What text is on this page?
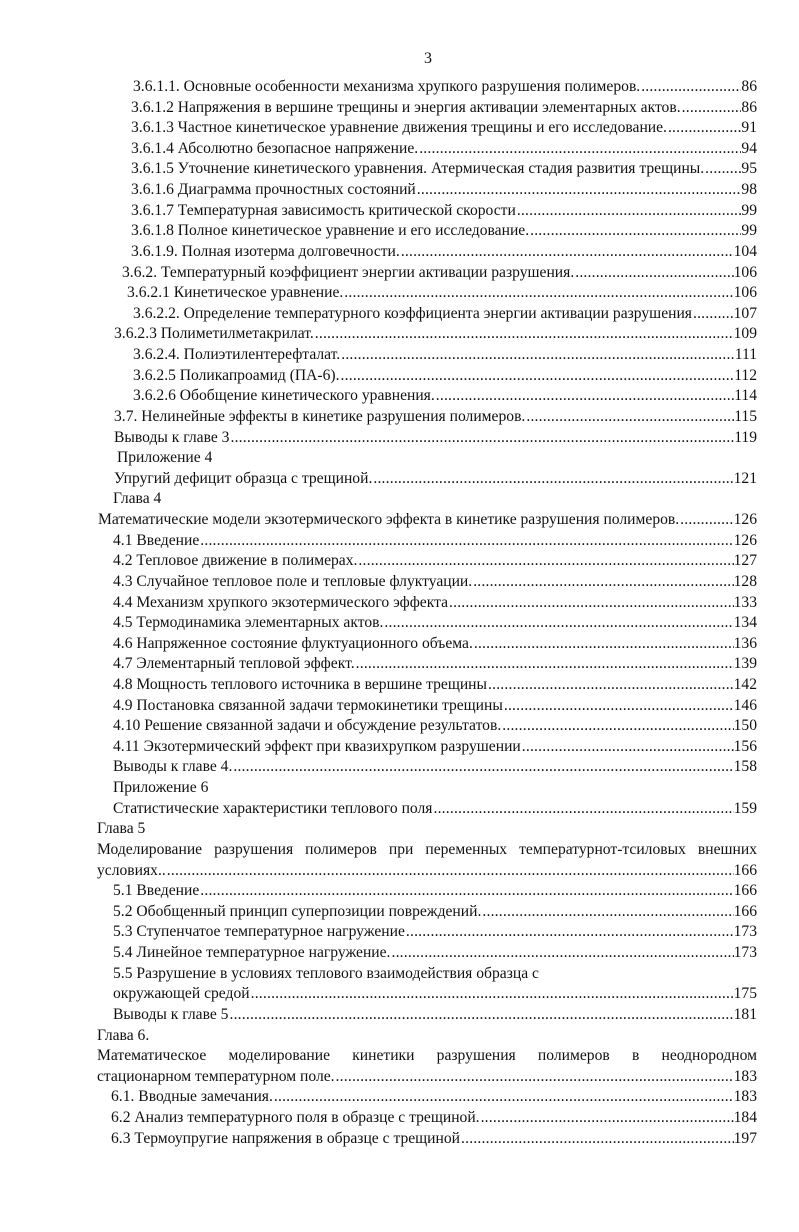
3
3.6.1.1. Основные особенности механизма хрупкого разрушения полимеров. .....	86
3.6.1.2 Напряжения в вершине трещины и энергия активации элементарных актов. .....	86
3.6.1.3 Частное кинетическое уравнение движения трещины и его исследование. .....	91
3.6.1.4 Абсолютно безопасное напряжение. .....	94
3.6.1.5 Уточнение кинетического уравнения. Атермическая стадия развития трещины. ..... 95
3.6.1.6 Диаграмма прочностных состояний .....	98
3.6.1.7 Температурная зависимость критической скорости .....	99
3.6.1.8 Полное кинетическое уравнение и его исследование. .....	99
3.6.1.9. Полная изотерма долговечности. .....	104
3.6.2. Температурный коэффициент энергии активации разрушения. .....	106
3.6.2.1 Кинетическое уравнение. .....	106
3.6.2.2. Определение температурного коэффициента энергии активации разрушения .....	107
3.6.2.3 Полиметилметакрилат. .....	109
3.6.2.4. Полиэтилентерефталат. .....	111
3.6.2.5 Поликапроамид (ПА-6). .....	112
3.6.2.6 Обобщение кинетического уравнения. .....	114
3.7. Нелинейные эффекты в кинетике разрушения полимеров. .....	115
Выводы к главе 3 .....	119
Приложение 4
Упругий дефицит образца с трещиной. .....	121
Глава 4
Математические модели экзотермического эффекта в кинетике разрушения полимеров. .....	126
4.1 Введение .....	126
4.2 Тепловое движение в полимерах. .....	127
4.3 Случайное тепловое поле и тепловые флуктуации. .....	128
4.4 Механизм хрупкого экзотермического эффекта .....	133
4.5 Термодинамика элементарных актов. .....	134
4.6 Напряженное состояние флуктуационного объема. .....	136
4.7 Элементарный тепловой эффект. .....	139
4.8 Мощность теплового источника в вершине трещины .....	142
4.9 Постановка связанной задачи термокинетики трещины .....	146
4.10 Решение связанной задачи и обсуждение результатов. .....	150
4.11 Экзотермический эффект при квазихрупком разрушении .....	156
Выводы к главе 4. .....	158
Приложение 6
Статистические характеристики теплового поля .....	159
Глава 5
Моделирование разрушения полимеров при переменных температурнот-тсиловых внешних
условиях.. .....	166
5.1 Введение .....	166
5.2 Обобщенный принцип суперпозиции повреждений. .....	166
5.3 Ступенчатое температурное нагружение .....	173
5.4 Линейное температурное нагружение. .....	173
5.5 Разрушение в условиях теплового взаимодействия образца с
окружающей средой .....	175
Выводы к главе 5 .....	181
Глава 6.
Математическое моделирование кинетики разрушения полимеров в неоднородном
стационарном температурном поле. .....	183
6.1. Вводные замечания. .....	183
6.2 Анализ температурного поля в образце с трещиной. .....	184
6.3 Термоупругие напряжения в образце с трещиной .....	197
